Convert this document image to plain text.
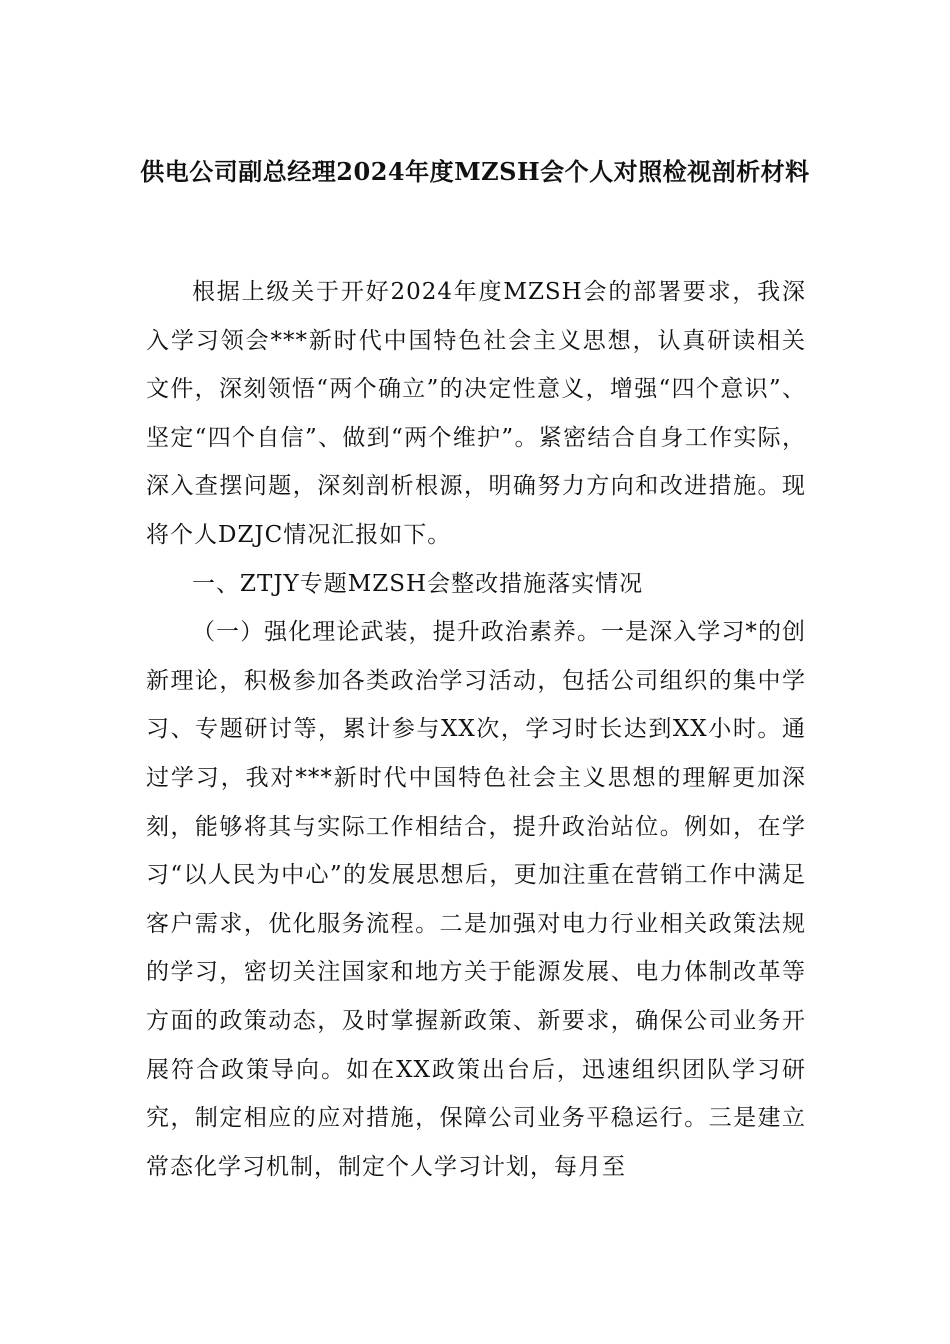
供电公司副总经理2024年度MZSH会个人对照检视剖析材料

根据上级关于开好2024年度MZSH会的部署要求，我深入学习领会***新时代中国特色社会主义思想，认真研读相关文件，深刻领悟“两个确立”的决定性意义，增强“四个意识”、坚定“四个自信”、做到“两个维护”。紧密结合自身工作实际，深入查摆问题，深刻剖析根源，明确努力方向和改进措施。现将个人DZJC情况汇报如下。

一、ZTJY专题MZSH会整改措施落实情况

（一）强化理论武装，提升政治素养。一是深入学习*的创新理论，积极参加各类政治学习活动，包括公司组织的集中学习、专题研讨等，累计参与XX次，学习时长达到XX小时。通过学习，我对***新时代中国特色社会主义思想的理解更加深刻，能够将其与实际工作相结合，提升政治站位。例如，在学习“以人民为中心”的发展思想后，更加注重在营销工作中满足客户需求，优化服务流程。二是加强对电力行业相关政策法规的学习，密切关注国家和地方关于能源发展、电力体制改革等方面的政策动态，及时掌握新政策、新要求，确保公司业务开展符合政策导向。如在XX政策出台后，迅速组织团队学习研究，制定相应的应对措施，保障公司业务平稳运行。三是建立常态化学习机制，制定个人学习计划，每月至
